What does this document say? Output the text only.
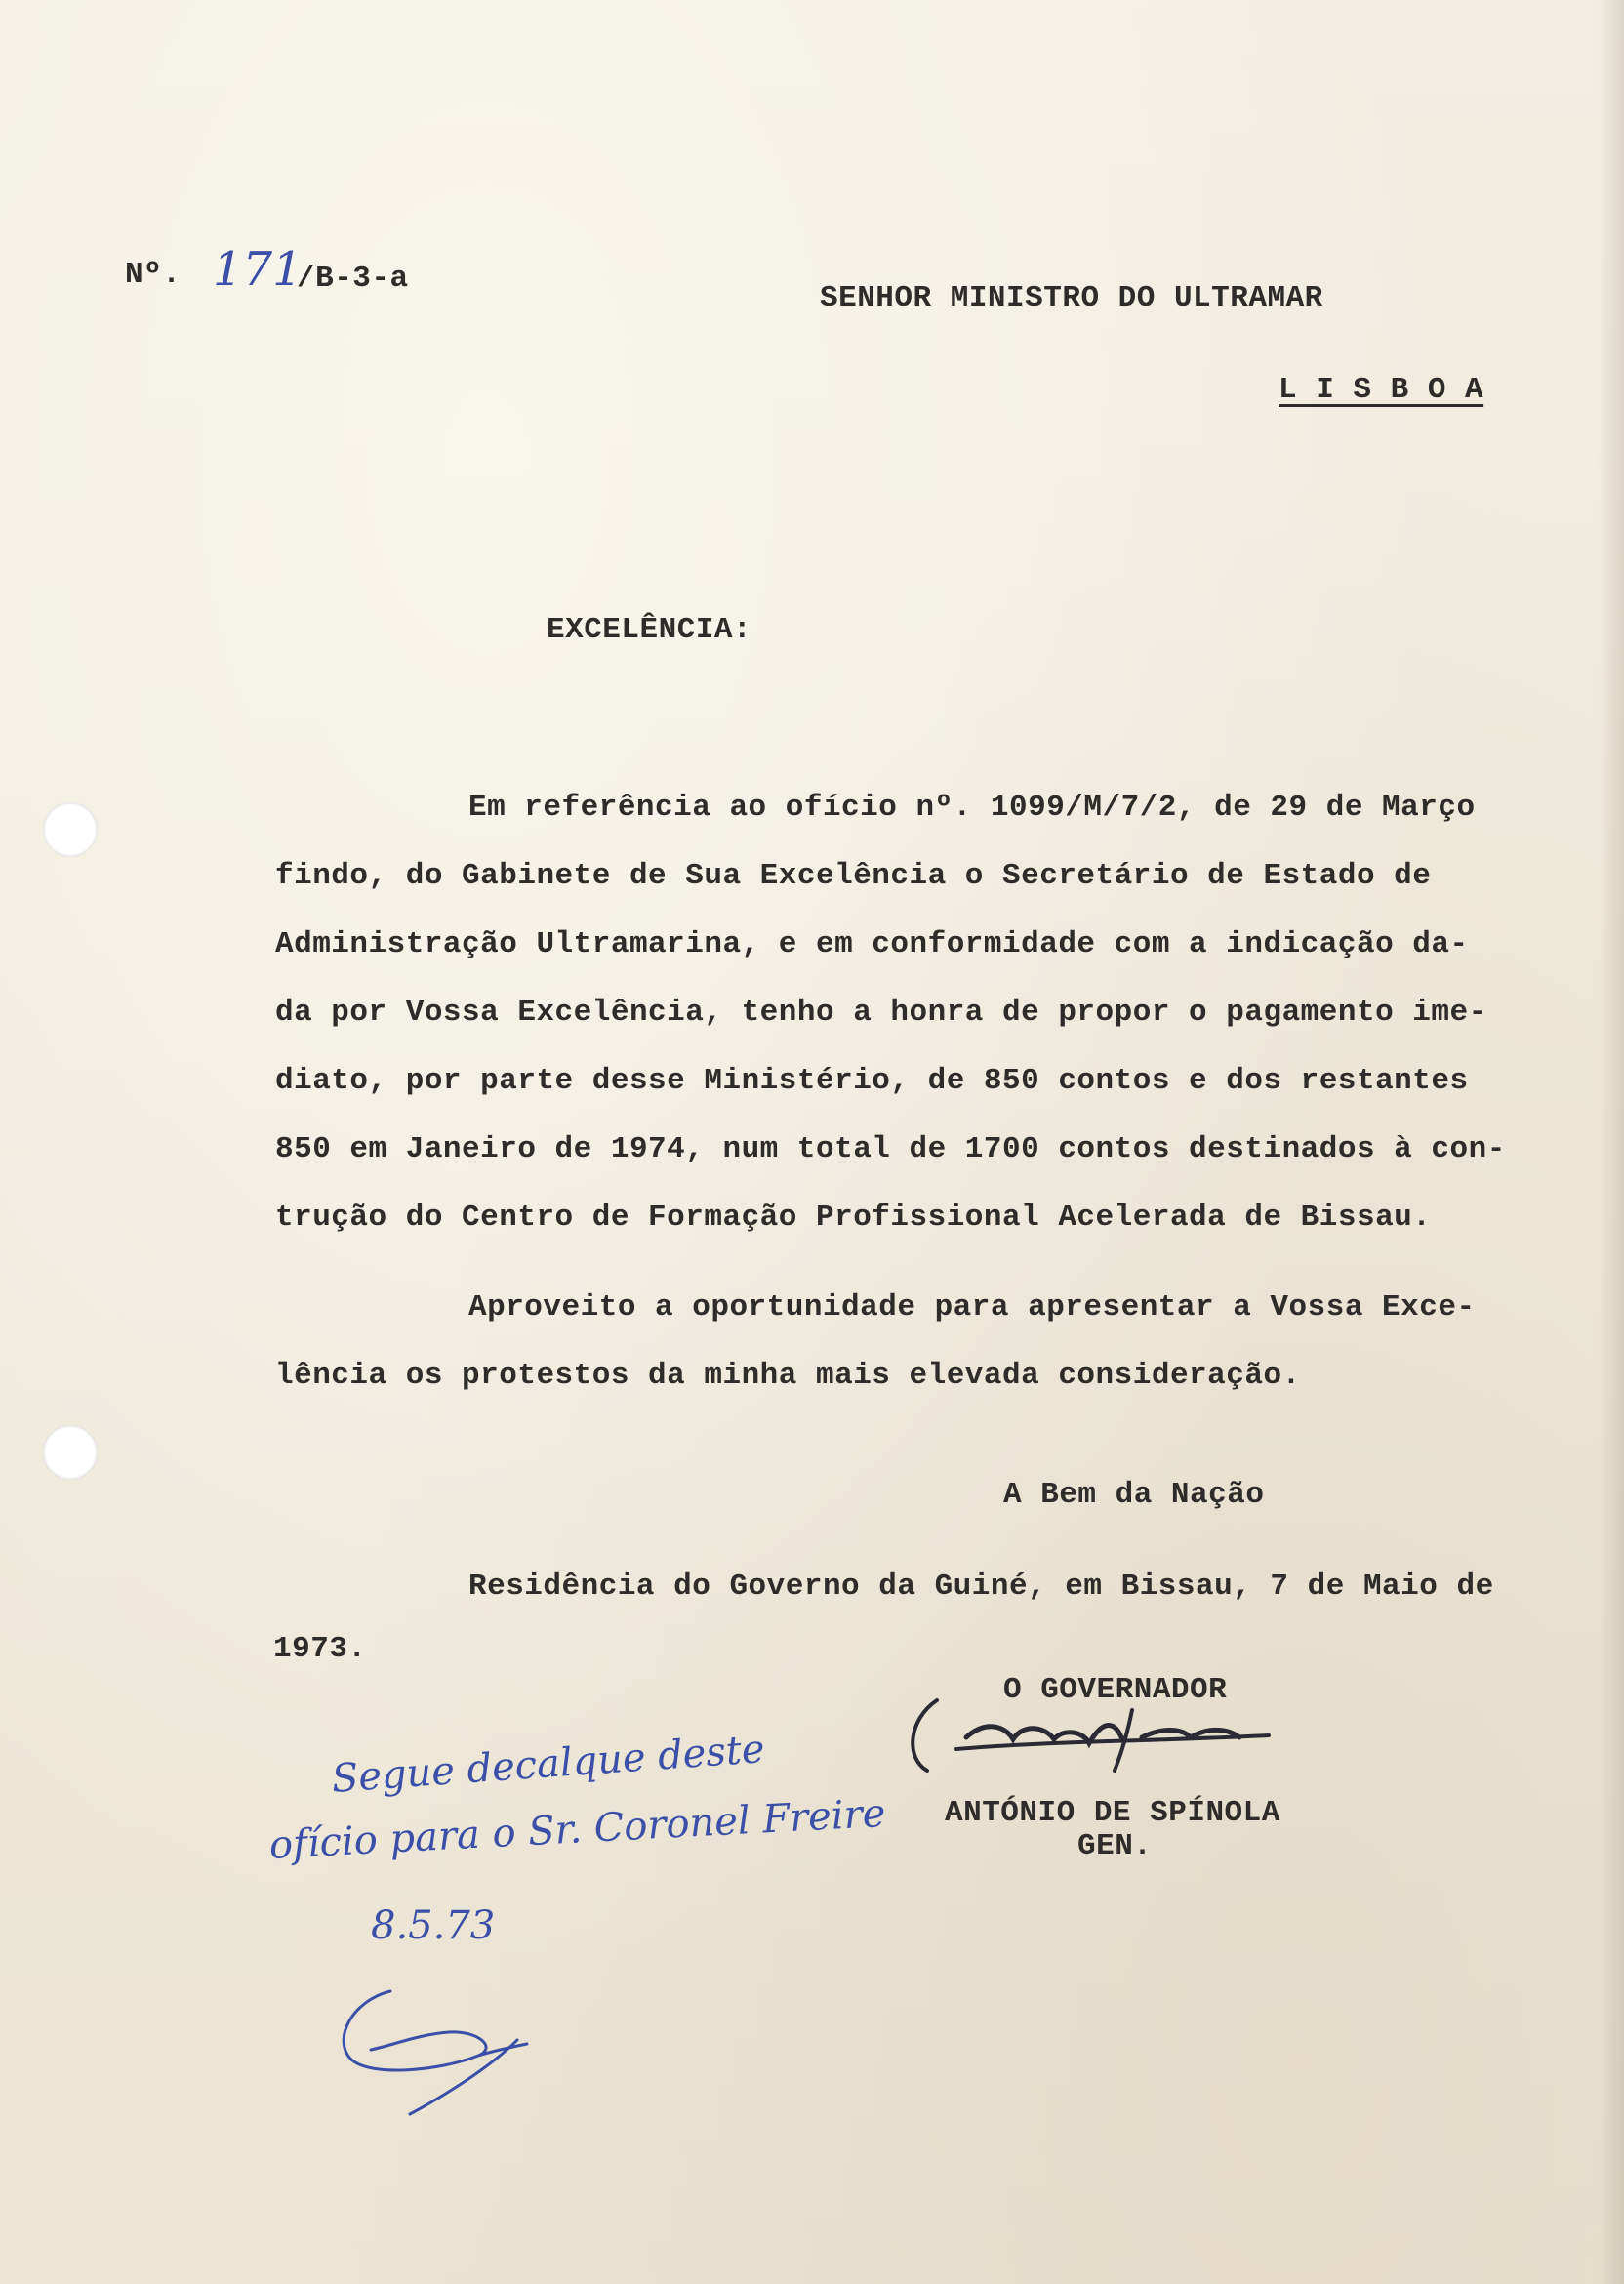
Nº. 171
/B-3-a
SENHOR MINISTRO DO ULTRAMAR
L I S B O A
EXCELÊNCIA:
Em referência ao ofício nº. 1099/M/7/2, de 29 de Março
findo, do Gabinete de Sua Excelência o Secretário de Estado de
Administração Ultramarina, e em conformidade com a indicação da-
da por Vossa Excelência, tenho a honra de propor o pagamento ime-
diato, por parte desse Ministério, de 850 contos e dos restantes
850 em Janeiro de 1974, num total de 1700 contos destinados à con-
trução do Centro de Formação Profissional Acelerada de Bissau.
Aproveito a oportunidade para apresentar a Vossa Exce-
lência os protestos da minha mais elevada consideração.
A Bem da Nação
Residência do Governo da Guiné, em Bissau, 7 de Maio de
1973.
O GOVERNADOR
ANTÓNIO DE SPÍNOLA
GEN.
Segue decalque deste
ofício para o Sr. Coronel Freire
8.5.73
